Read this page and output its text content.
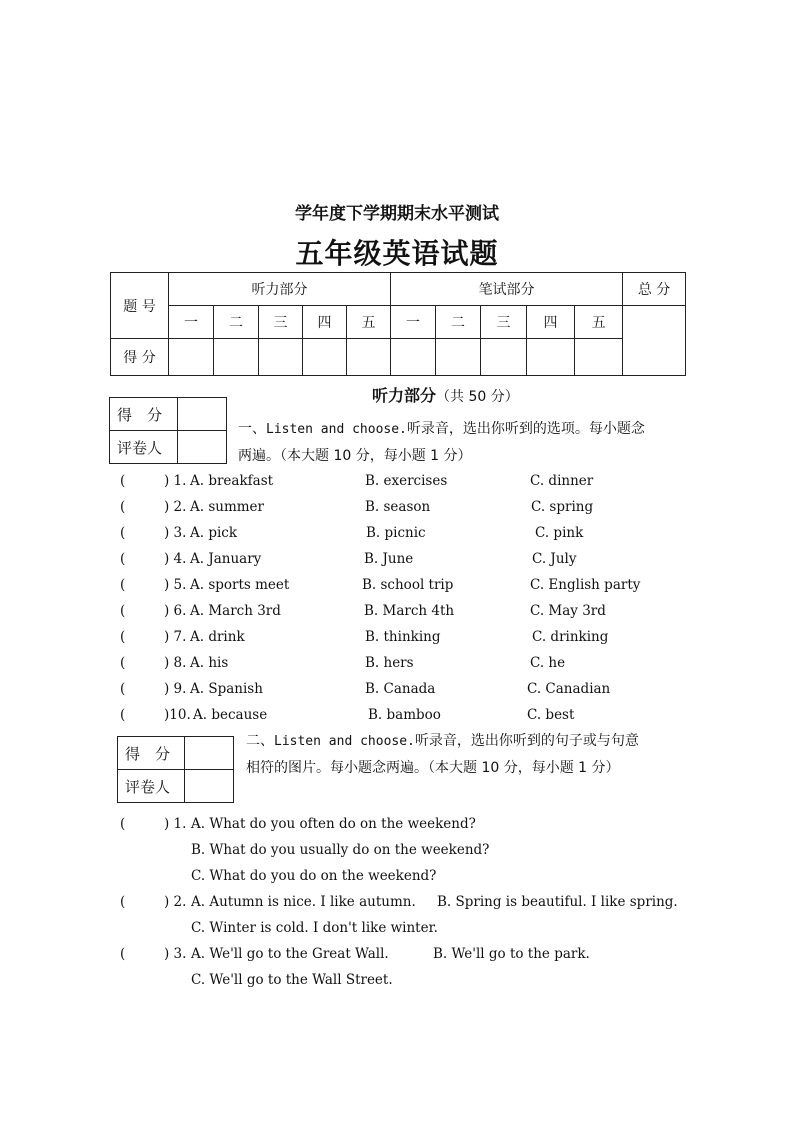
学年度下学期期末水平测试
五年级英语试题
题 号	听力部分					笔试部分					总 分
	一	二	三	四	五	一	二	三	四	五	
得 分											
得　分	
评卷人	
听力部分（共 50 分）
一、Listen and choose.听录音，选出你听到的选项。每小题念
两遍。（本大题 10 分，每小题 1 分）
(	) 1. A. breakfast	B. exercises	C. dinner
(	) 2. A. summer	B. season	C. spring
(	) 3. A. pick	B. picnic	C. pink
(	) 4. A. January	B. June	C. July
(	) 5. A. sports meet	B. school trip	C. English party
(	) 6. A. March 3rd	B. March 4th	C. May 3rd
(	) 7. A. drink	B. thinking	C. drinking
(	) 8. A. his	B. hers	C. he
(	) 9. A. Spanish	B. Canada	C. Canadian
(	)10. A. because	B. bamboo	C. best
得　分	
评卷人	
二、Listen and choose.听录音，选出你听到的句子或与句意
相符的图片。每小题念两遍。（本大题 10 分，每小题 1 分）
(	) 1. A. What do you often do on the weekend?
B. What do you usually do on the weekend?
C. What do you do on the weekend?
(	) 2. A. Autumn is nice. I like autumn. B. Spring is beautiful. I like spring.
C. Winter is cold. I don't like winter.
(	) 3. A. We'll go to the Great Wall.	B. We'll go to the park.
C. We'll go to the Wall Street.
